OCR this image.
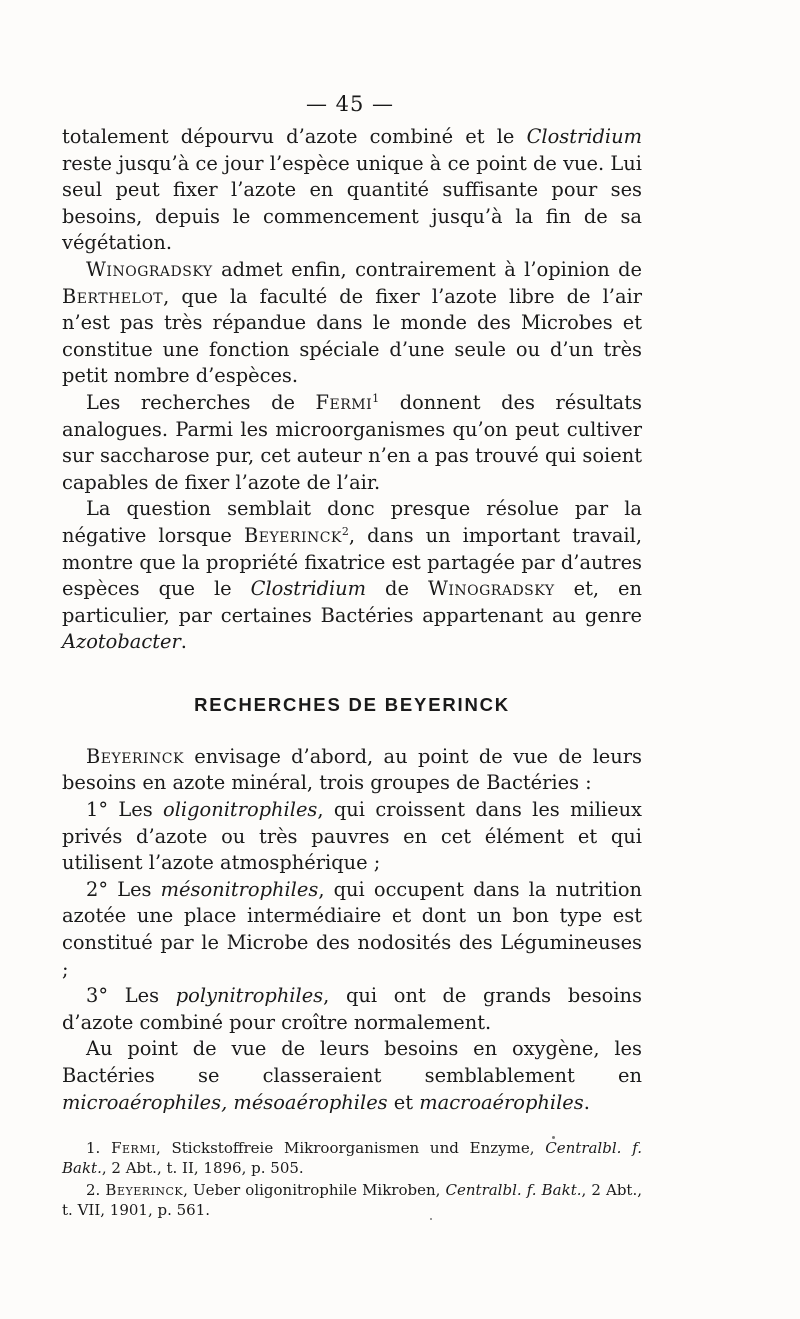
— 45 —

totalement dépourvu d’azote combiné et le Clostridium reste jusqu’à ce jour l’espèce unique à ce point de vue. Lui seul peut fixer l’azote en quantité suffisante pour ses besoins, depuis le commencement jusqu’à la fin de sa végétation.

Winogradsky admet enfin, contrairement à l’opinion de Berthelot, que la faculté de fixer l’azote libre de l’air n’est pas très répandue dans le monde des Microbes et constitue une fonction spéciale d’une seule ou d’un très petit nombre d’espèces.

Les recherches de Fermi$^1$ donnent des résultats analogues. Parmi les microorganismes qu’on peut cultiver sur saccharose pur, cet auteur n’en a pas trouvé qui soient capables de fixer l’azote de l’air.

La question semblait donc presque résolue par la négative lorsque Beyerinck$^2$, dans un important travail, montre que la propriété fixatrice est partagée par d’autres espèces que le Clostridium de Winogradsky et, en particulier, par certaines Bactéries appartenant au genre Azotobacter.

RECHERCHES DE BEYERINCK

Beyerinck envisage d’abord, au point de vue de leurs besoins en azote minéral, trois groupes de Bactéries :

1° Les oligonitrophiles, qui croissent dans les milieux privés d’azote ou très pauvres en cet élément et qui utilisent l’azote atmosphérique ;

2° Les mésonitrophiles, qui occupent dans la nutrition azotée une place intermédiaire et dont un bon type est constitué par le Microbe des nodosités des Légumineuses ;

3° Les polynitrophiles, qui ont de grands besoins d’azote combiné pour croître normalement.

Au point de vue de leurs besoins en oxygène, les Bactéries se classeraient semblablement en microaérophiles, mésoaérophiles et macroaérophiles.

1. Fermi, Stickstoffreie Mikroorganismen und Enzyme, Centralbl. f. Bakt., 2 Abt., t. II, 1896, p. 505.
2. Beyerinck, Ueber oligonitrophile Mikroben, Centralbl. f. Bakt., 2 Abt., t. VII, 1901, p. 561.
